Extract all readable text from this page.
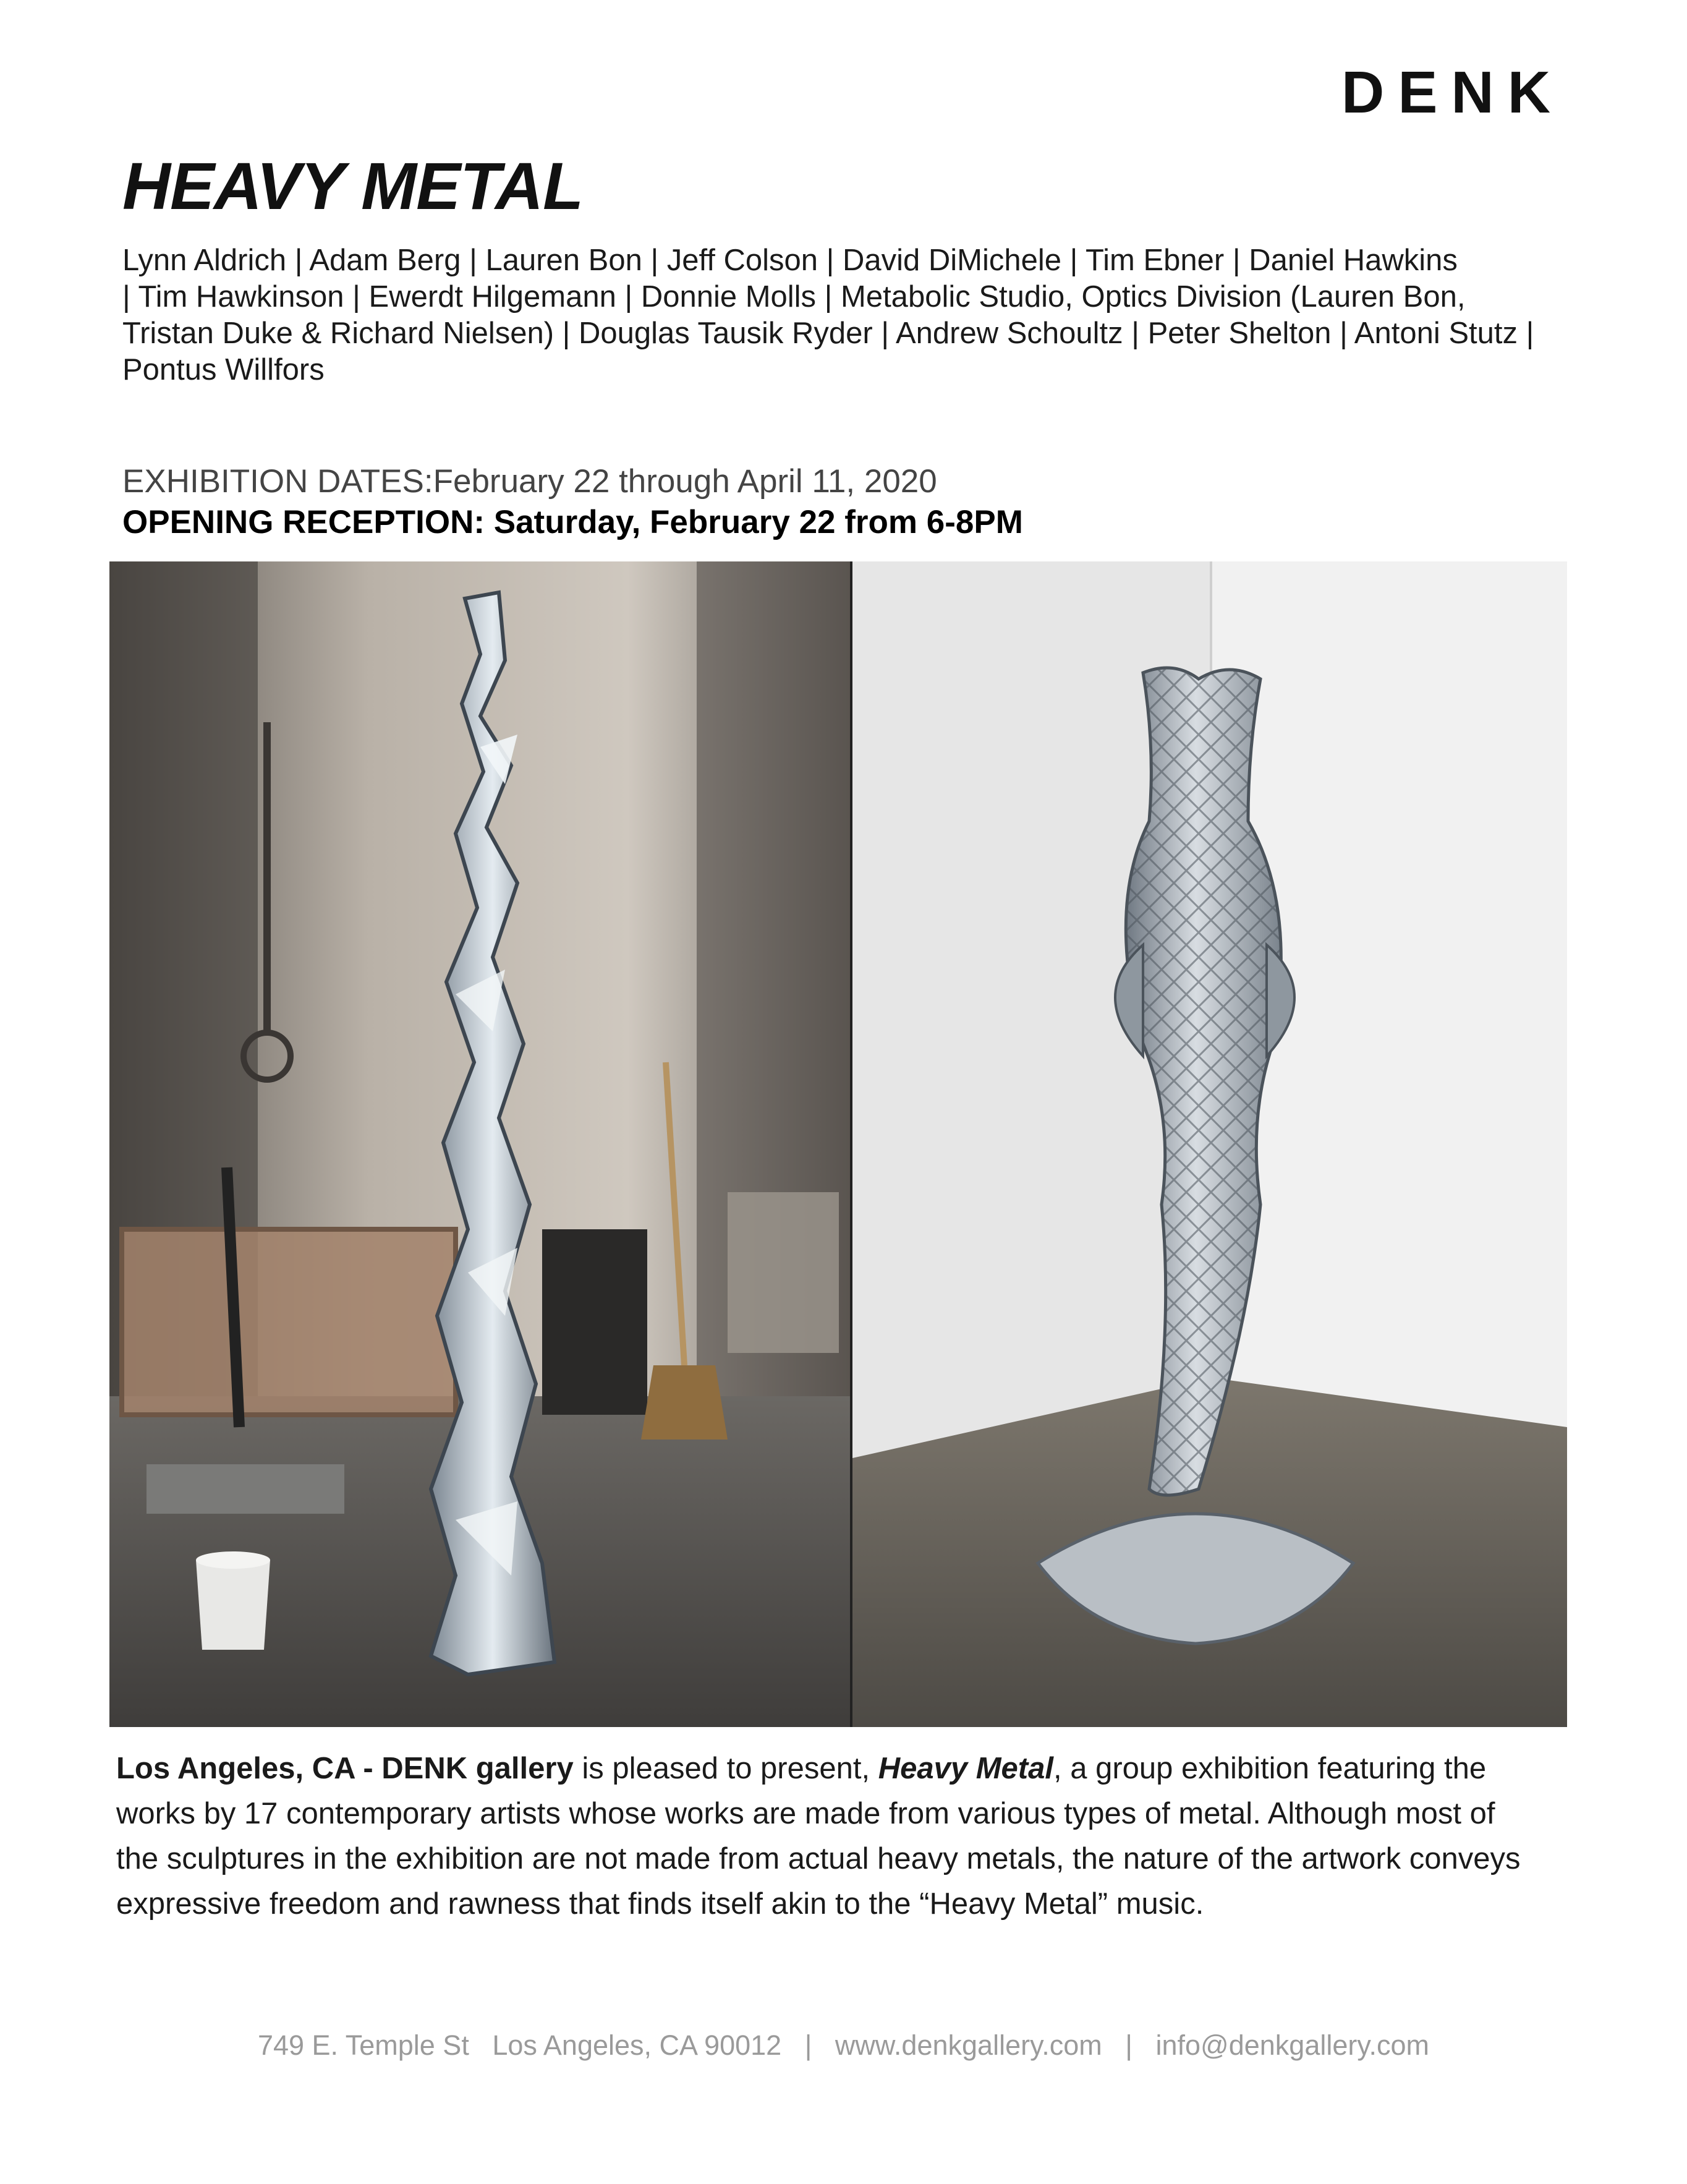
DENK
HEAVY METAL
Lynn Aldrich | Adam Berg | Lauren Bon | Jeff Colson | David DiMichele | Tim Ebner | Daniel Hawkins
| Tim Hawkinson | Ewerdt Hilgemann | Donnie Molls | Metabolic Studio, Optics Division (Lauren Bon,
Tristan Duke & Richard Nielsen) | Douglas Tausik Ryder | Andrew Schoultz | Peter Shelton | Antoni Stutz |
Pontus Willfors
EXHIBITION DATES:February 22 through April 11, 2020
OPENING RECEPTION: Saturday, February 22 from 6-8PM

Los Angeles, CA - DENK gallery is pleased to present, Heavy Metal, a group exhibition featuring the
works by 17 contemporary artists whose works are made from various types of metal. Although most of
the sculptures in the exhibition are not made from actual heavy metals, the nature of the artwork conveys
expressive freedom and rawness that finds itself akin to the “Heavy Metal” music.

749 E. Temple St   Los Angeles, CA 90012   |   www.denkgallery.com   |   info@denkgallery.com
